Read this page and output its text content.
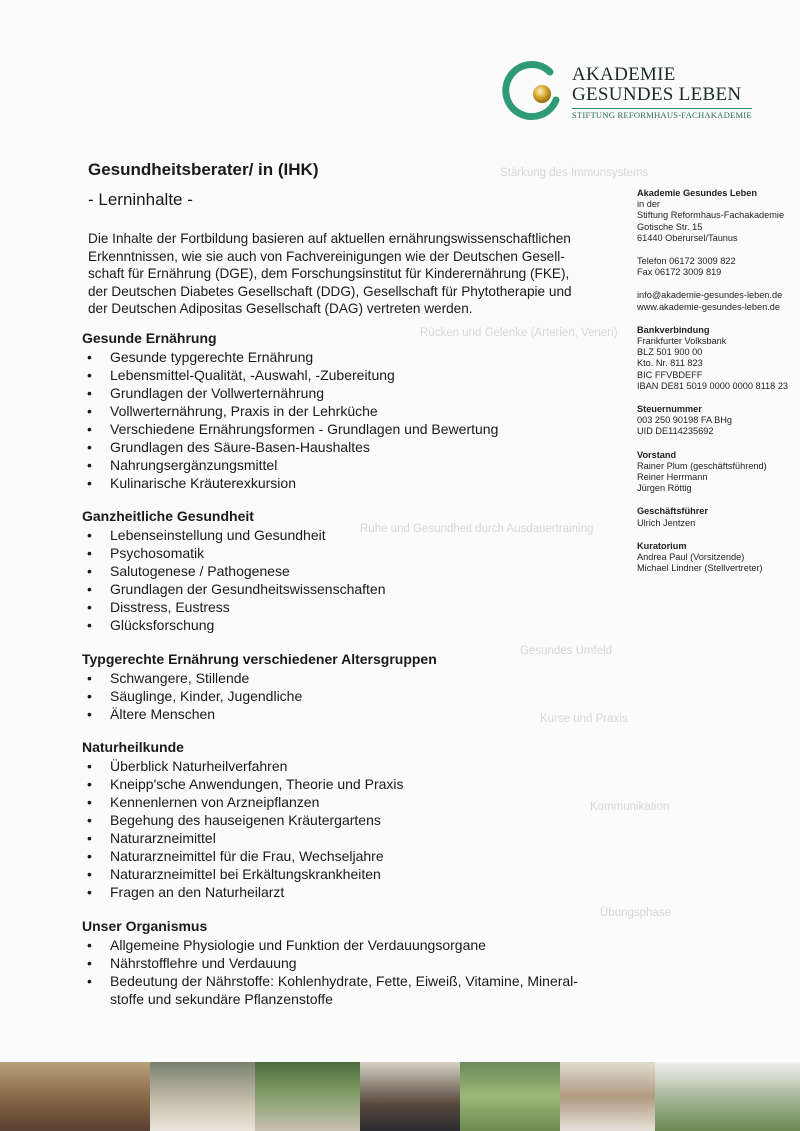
Stärkung des Immunsystems
Rücken und Gelenke (Arterien, Venen)
Ruhe und Gesundheit durch Ausdauertraining
Gesundes Umfeld
Kurse und Praxis
Kommunikation
Übungsphase
AKADEMIE
GESUNDES LEBEN
STIFTUNG REFORMHAUS-FACHAKADEMIE
Gesundheitsberater/ in (IHK)
- Lerninhalte -
Die Inhalte der Fortbildung basieren auf aktuellen ernährungswissenschaftlichen
Erkenntnissen, wie sie auch von Fachvereinigungen wie der Deutschen Gesell-
schaft für Ernährung (DGE), dem Forschungsinstitut für Kinderernährung (FKE),
der Deutschen Diabetes Gesellschaft (DDG), Gesellschaft für Phytotherapie und
der Deutschen Adipositas Gesellschaft (DAG) vertreten werden.
Gesunde Ernährung
• Gesunde typgerechte Ernährung
• Lebensmittel-Qualität, -Auswahl, -Zubereitung
• Grundlagen der Vollwerternährung
• Vollwerternährung, Praxis in der Lehrküche
• Verschiedene Ernährungsformen - Grundlagen und Bewertung
• Grundlagen des Säure-Basen-Haushaltes
• Nahrungsergänzungsmittel
• Kulinarische Kräuterexkursion
Ganzheitliche Gesundheit
• Lebenseinstellung und Gesundheit
• Psychosomatik
• Salutogenese / Pathogenese
• Grundlagen der Gesundheitswissenschaften
• Disstress, Eustress
• Glücksforschung
Typgerechte Ernährung verschiedener Altersgruppen
• Schwangere, Stillende
• Säuglinge, Kinder, Jugendliche
• Ältere Menschen
Naturheilkunde
• Überblick Naturheilverfahren
• Kneipp'sche Anwendungen, Theorie und Praxis
• Kennenlernen von Arzneipflanzen
• Begehung des hauseigenen Kräutergartens
• Naturarzneimittel
• Naturarzneimittel für die Frau, Wechseljahre
• Naturarzneimittel bei Erkältungskrankheiten
• Fragen an den Naturheilarzt
Unser Organismus
• Allgemeine Physiologie und Funktion der Verdauungsorgane
• Nährstofflehre und Verdauung
• Bedeutung der Nährstoffe: Kohlenhydrate, Fette, Eiweiß, Vitamine, Mineral-
stoffe und sekundäre Pflanzenstoffe
Akademie Gesundes Leben
in der
Stiftung Reformhaus-Fachakademie
Gotische Str. 15
61440 Oberursel/Taunus
Telefon 06172 3009 822
Fax 06172 3009 819
info@akademie-gesundes-leben.de
www.akademie-gesundes-leben.de
Bankverbindung
Frankfurter Volksbank
BLZ 501 900 00
Kto. Nr. 811 823
BIC FFVBDEFF
IBAN DE81 5019 0000 0000 8118 23
Steuernummer
003 250 90198 FA BHg
UID DE114235692
Vorstand
Rainer Plum (geschäftsführend)
Reiner Herrmann
Jürgen Röttig
Geschäftsführer
Ulrich Jentzen
Kuratorium
Andrea Paul (Vorsitzende)
Michael Lindner (Stellvertreter)
